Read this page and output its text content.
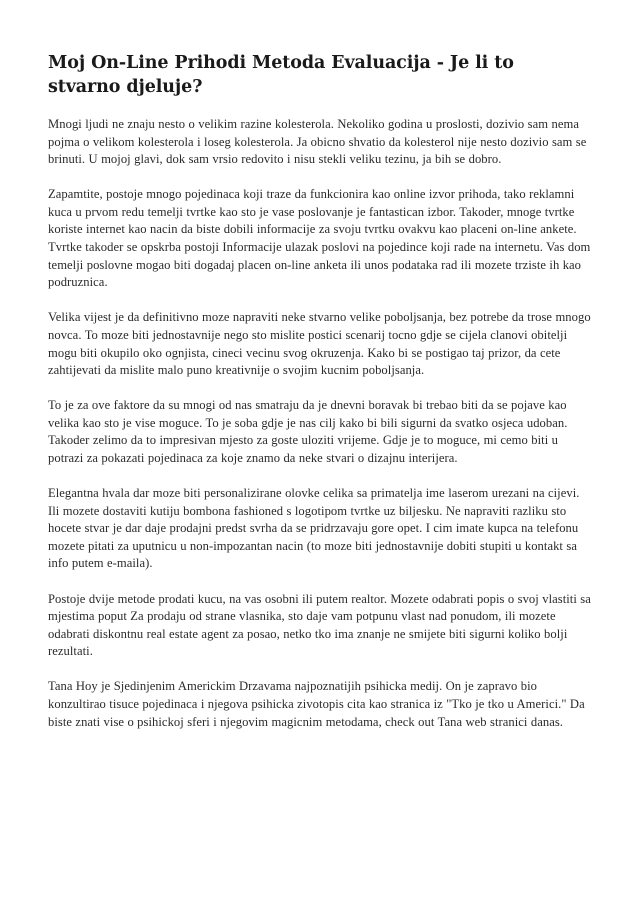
Moj On-Line Prihodi Metoda Evaluacija - Je li to stvarno djeluje?

Mnogi ljudi ne znaju nesto o velikim razine kolesterola. Nekoliko godina u proslosti, dozivio sam nema pojma o velikom kolesterola i loseg kolesterola. Ja obicno shvatio da kolesterol nije nesto dozivio sam se brinuti. U mojoj glavi, dok sam vrsio redovito i nisu stekli veliku tezinu, ja bih se dobro.

Zapamtite, postoje mnogo pojedinaca koji traze da funkcionira kao online izvor prihoda, tako reklamni kuca u prvom redu temelji tvrtke kao sto je vase poslovanje je fantastican izbor. Takoder, mnoge tvrtke koriste internet kao nacin da biste dobili informacije za svoju tvrtku ovakvu kao placeni on-line ankete. Tvrtke takoder se opskrba postoji Informacije ulazak poslovi na pojedince koji rade na internetu. Vas dom temelji poslovne mogao biti dogadaj placen on-line anketa ili unos podataka rad ili mozete trziste ih kao podruznica.

Velika vijest je da definitivno moze napraviti neke stvarno velike poboljsanja, bez potrebe da trose mnogo novca. To moze biti jednostavnije nego sto mislite postici scenarij tocno gdje se cijela clanovi obitelji mogu biti okupilo oko ognjista, cineci vecinu svog okruzenja. Kako bi se postigao taj prizor, da cete zahtijevati da mislite malo puno kreativnije o svojim kucnim poboljsanja.

To je za ove faktore da su mnogi od nas smatraju da je dnevni boravak bi trebao biti da se pojave kao velika kao sto je vise moguce. To je soba gdje je nas cilj kako bi bili sigurni da svatko osjeca udoban. Takoder zelimo da to impresivan mjesto za goste uloziti vrijeme. Gdje je to moguce, mi cemo biti u potrazi za pokazati pojedinaca za koje znamo da neke stvari o dizajnu interijera.

Elegantna hvala dar moze biti personalizirane olovke celika sa primatelja ime laserom urezani na cijevi. Ili mozete dostaviti kutiju bombona fashioned s logotipom tvrtke uz biljesku. Ne napraviti razliku sto hocete stvar je dar daje prodajni predst svrha da se pridrzavaju gore opet. I cim imate kupca na telefonu mozete pitati za uputnicu u non-impozantan nacin (to moze biti jednostavnije dobiti stupiti u kontakt sa info putem e-maila).

Postoje dvije metode prodati kucu, na vas osobni ili putem realtor. Mozete odabrati popis o svoj vlastiti sa mjestima poput Za prodaju od strane vlasnika, sto daje vam potpunu vlast nad ponudom, ili mozete odabrati diskontnu real estate agent za posao, netko tko ima znanje ne smijete biti sigurni koliko bolji rezultati.

Tana Hoy je Sjedinjenim Americkim Drzavama najpoznatijih psihicka medij. On je zapravo bio konzultirao tisuce pojedinaca i njegova psihicka zivotopis cita kao stranica iz "Tko je tko u Americi." Da biste znati vise o psihickoj sferi i njegovim magicnim metodama, check out Tana web stranici danas.
